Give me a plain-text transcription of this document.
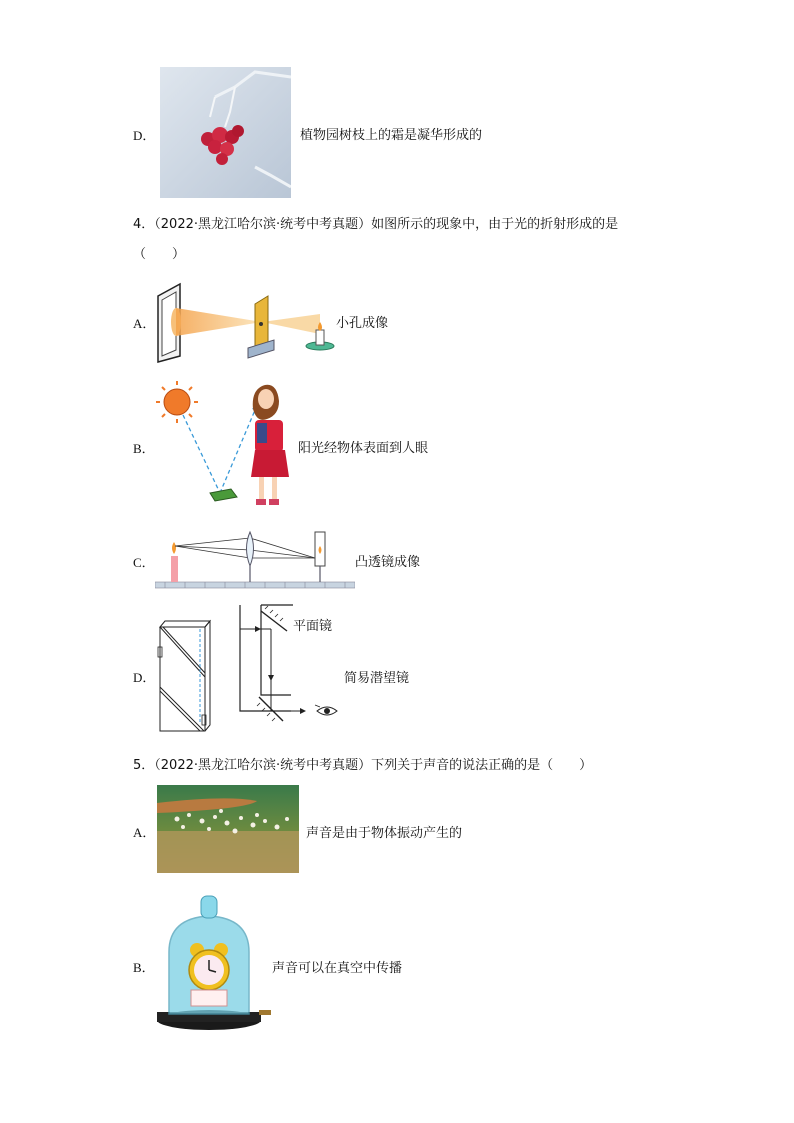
D．	植物园树枝上的霜是凝华形成的
4．（2022·黑龙江哈尔滨·统考中考真题）如图所示的现象中，由于光的折射形成的是
（　　）
A．	小孔成像
B．	阳光经物体表面到人眼
C．	凸透镜成像
D．
平面镜
简易潜望镜
5．（2022·黑龙江哈尔滨·统考中考真题）下列关于声音的说法正确的是（　　）
A．	声音是由于物体振动产生的
B．	声音可以在真空中传播
